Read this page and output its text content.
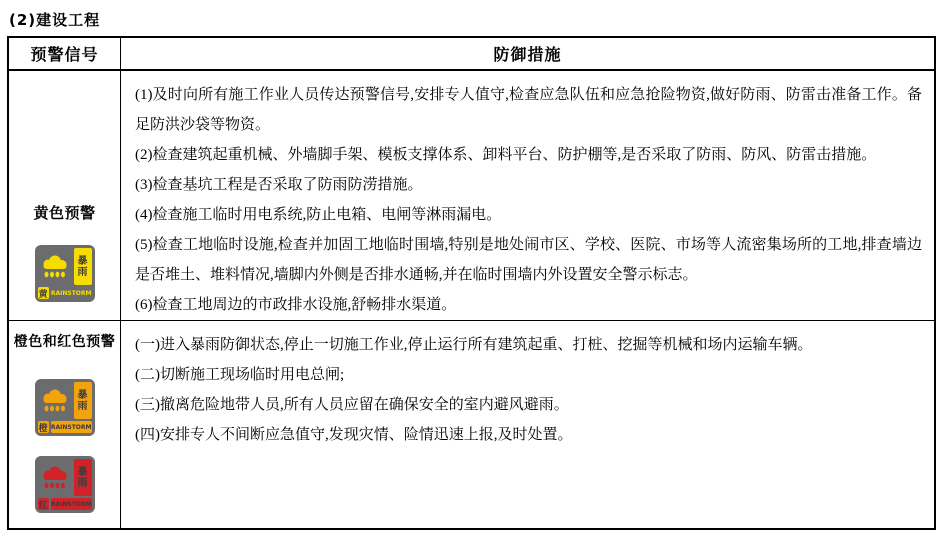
(2)建设工程
预警信号	防御措施
黄色预警
暴雨
黄 RAINSTORM
(1)及时向所有施工作业人员传达预警信号,安排专人值守,检查应急队伍和应急抢险物资,做好防雨、防雷击准备工作。备足防洪沙袋等物资。
(2)检查建筑起重机械、外墙脚手架、模板支撑体系、卸料平台、防护棚等,是否采取了防雨、防风、防雷击措施。
(3)检查基坑工程是否采取了防雨防涝措施。
(4)检查施工临时用电系统,防止电箱、电闸等淋雨漏电。
(5)检查工地临时设施,检查并加固工地临时围墙,特别是地处闹市区、学校、医院、市场等人流密集场所的工地,排查墙边是否堆土、堆料情况,墙脚内外侧是否排水通畅,并在临时围墙内外设置安全警示标志。
(6)检查工地周边的市政排水设施,舒畅排水渠道。
橙色和红色预警
暴雨
橙 RAINSTORM
暴雨
红 RAINSTORM
(一)进入暴雨防御状态,停止一切施工作业,停止运行所有建筑起重、打桩、挖掘等机械和场内运输车辆。
(二)切断施工现场临时用电总闸;
(三)撤离危险地带人员,所有人员应留在确保安全的室内避风避雨。
(四)安排专人不间断应急值守,发现灾情、险情迅速上报,及时处置。
